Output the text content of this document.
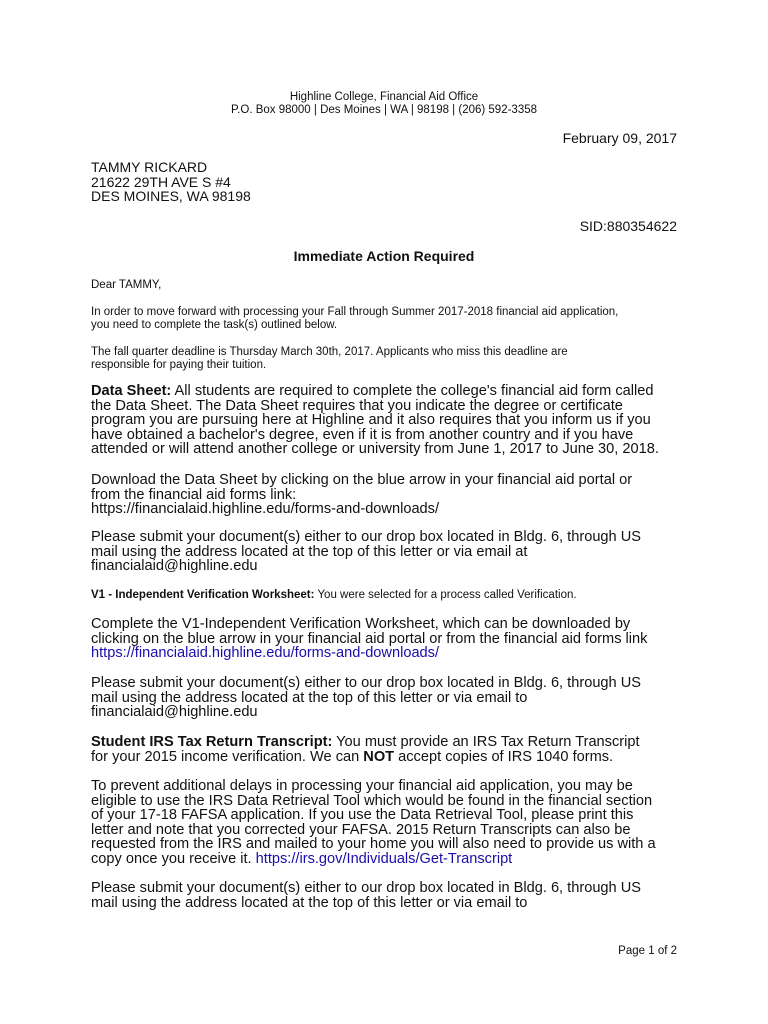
Highline College, Financial Aid Office
P.O. Box 98000 | Des Moines | WA | 98198 | (206) 592-3358
February 09, 2017
TAMMY RICKARD
21622 29TH AVE S #4
DES MOINES, WA 98198
SID:880354622
Immediate Action Required
Dear TAMMY,
In order to move forward with processing your Fall through Summer 2017-2018 financial aid application,
you need to complete the task(s) outlined below.
The fall quarter deadline is Thursday March 30th, 2017. Applicants who miss this deadline are
responsible for paying their tuition.
Data Sheet: All students are required to complete the college's financial aid form called
the Data Sheet. The Data Sheet requires that you indicate the degree or certificate
program you are pursuing here at Highline and it also requires that you inform us if you
have obtained a bachelor's degree, even if it is from another country and if you have
attended or will attend another college or university from June 1, 2017 to June 30, 2018.
Download the Data Sheet by clicking on the blue arrow in your financial aid portal or
from the financial aid forms link:
https://financialaid.highline.edu/forms-and-downloads/
Please submit your document(s) either to our drop box located in Bldg. 6, through US
mail using the address located at the top of this letter or via email at
financialaid@highline.edu
V1 - Independent Verification Worksheet: You were selected for a process called Verification.
Complete the V1-Independent Verification Worksheet, which can be downloaded by
clicking on the blue arrow in your financial aid portal or from the financial aid forms link
https://financialaid.highline.edu/forms-and-downloads/
Please submit your document(s) either to our drop box located in Bldg. 6, through US
mail using the address located at the top of this letter or via email to
financialaid@highline.edu
Student IRS Tax Return Transcript: You must provide an IRS Tax Return Transcript
for your 2015 income verification. We can NOT accept copies of IRS 1040 forms.
To prevent additional delays in processing your financial aid application, you may be
eligible to use the IRS Data Retrieval Tool which would be found in the financial section
of your 17-18 FAFSA application. If you use the Data Retrieval Tool, please print this
letter and note that you corrected your FAFSA. 2015 Return Transcripts can also be
requested from the IRS and mailed to your home you will also need to provide us with a
copy once you receive it. https://irs.gov/Individuals/Get-Transcript
Please submit your document(s) either to our drop box located in Bldg. 6, through US
mail using the address located at the top of this letter or via email to
Page 1 of 2
